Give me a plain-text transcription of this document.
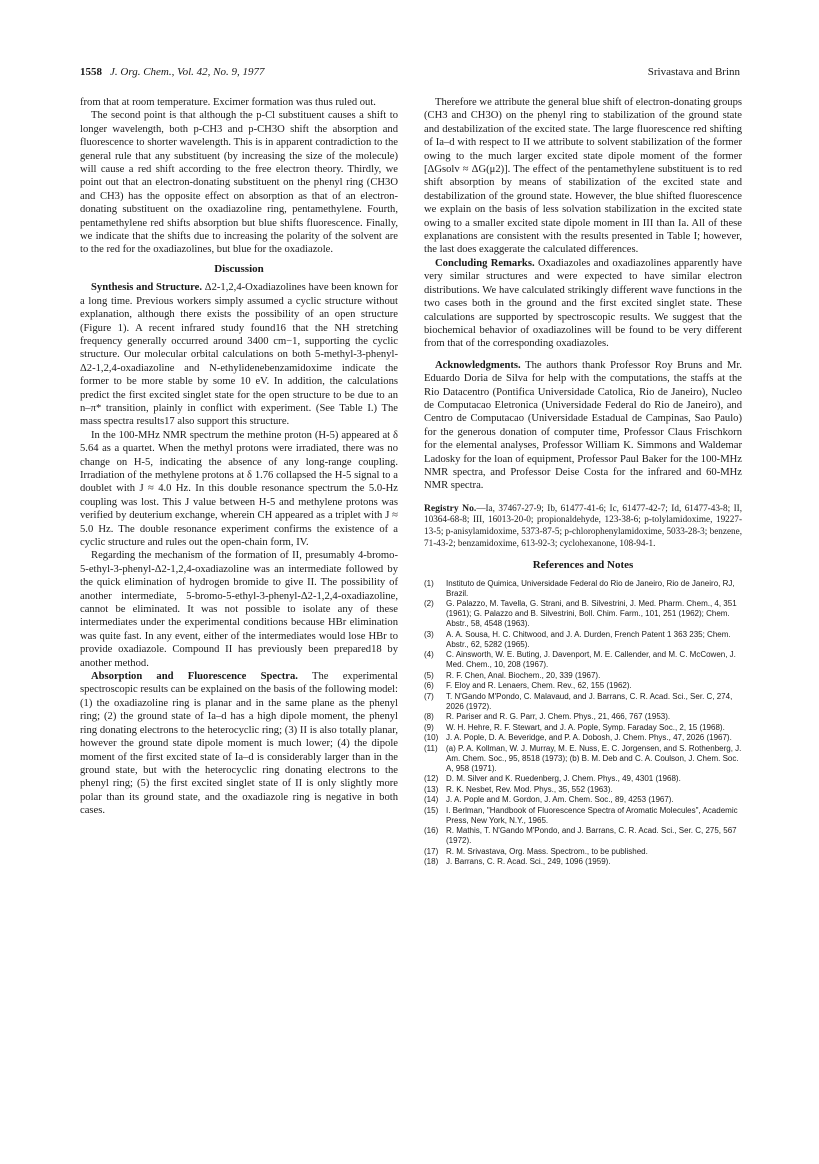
1558 J. Org. Chem., Vol. 42, No. 9, 1977	Srivastava and Brinn

from that at room temperature. Excimer formation was thus ruled out.

The second point is that although the p-Cl substituent causes a shift to longer wavelength, both p-CH3 and p-CH3O shift the absorption and fluorescence to shorter wavelength. This is in apparent contradiction to the general rule that any substituent (by increasing the size of the molecule) will cause a red shift according to the free electron theory. Thirdly, we point out that an electron-donating substituent on the phenyl ring (CH3O and CH3) has the opposite effect on absorption as that of an electron-donating substituent on the oxadiazoline ring, pentamethylene. Fourth, pentamethylene red shifts absorption but blue shifts fluorescence. Finally, we indicate that the shifts due to increasing the polarity of the solvent are to the red for the oxadiazolines, but blue for the oxadiazole.

Discussion

Synthesis and Structure. Δ2-1,2,4-Oxadiazolines have been known for a long time. Previous workers simply assumed a cyclic structure without explanation, although there exists the possibility of an open structure (Figure 1). A recent infrared study found16 that the NH stretching frequency generally occurred around 3400 cm−1, supporting the cyclic structure. Our molecular orbital calculations on both 5-methyl-3-phenyl-Δ2-1,2,4-oxadiazoline and N-ethylidenebenzamidoxime indicate the former to be more stable by some 10 eV. In addition, the calculations predict the first excited singlet state for the open structure to be due to an n–π* transition, plainly in conflict with experiment. (See Table I.) The mass spectra results17 also support this structure.

In the 100-MHz NMR spectrum the methine proton (H-5) appeared at δ 5.64 as a quartet. When the methyl protons were irradiated, there was no change on H-5, indicating the absence of any long-range coupling. Irradiation of the methylene protons at δ 1.76 collapsed the H-5 signal to a doublet with J ≈ 4.0 Hz. In this double resonance spectrum the 5.0-Hz coupling was lost. This J value between H-5 and methylene protons was verified by deuterium exchange, wherein CH appeared as a triplet with J ≈ 5.0 Hz. The double resonance experiment confirms the existence of a cyclic structure and rules out the open-chain form, IV.

Regarding the mechanism of the formation of II, presumably 4-bromo-5-ethyl-3-phenyl-Δ2-1,2,4-oxadiazoline was an intermediate followed by the quick elimination of hydrogen bromide to give II. The possibility of another intermediate, 5-bromo-5-ethyl-3-phenyl-Δ2-1,2,4-oxadiazoline, cannot be eliminated. It was not possible to isolate any of these intermediates under the experimental conditions because HBr elimination was quite fast. In any event, either of the intermediates would lose HBr to provide oxadiazole. Compound II has previously been prepared18 by another method.

Absorption and Fluorescence Spectra. The experimental spectroscopic results can be explained on the basis of the following model: (1) the oxadiazoline ring is planar and in the same plane as the phenyl ring; (2) the ground state of Ia–d has a high dipole moment, the phenyl ring donating electrons to the heterocyclic ring; (3) II is also totally planar, however the ground state dipole moment is much lower; (4) the dipole moment of the first excited state of Ia–d is considerably larger than in the ground state, but with the heterocyclic ring donating electrons to the phenyl ring; (5) the first excited singlet state of II is only slightly more polar than its ground state, and the oxadiazole ring is negative in both cases.

Therefore we attribute the general blue shift of electron-donating groups (CH3 and CH3O) on the phenyl ring to stabilization of the ground state and destabilization of the excited state. The large fluorescence red shifting of Ia–d with respect to II we attribute to solvent stabilization of the former owing to the much larger excited state dipole moment of the former [ΔGsolv ≈ ΔG(μ2)]. The effect of the pentamethylene substituent is to red shift absorption by means of stabilization of the excited state and destabilization of the ground state. However, the blue shifted fluorescence we explain on the basis of less solvation stabilization in the excited state owing to a smaller excited state dipole moment in III than Ia. All of these explanations are consistent with the results presented in Table I; however, the last does exaggerate the calculated differences.

Concluding Remarks. Oxadiazoles and oxadiazolines apparently have very similar structures and were expected to have similar electron distributions. We have calculated strikingly different wave functions in the two cases both in the ground and the first excited singlet state. These calculations are supported by spectroscopic results. We suggest that the biochemical behavior of oxadiazolines will be found to be very different from that of the corresponding oxadiazoles.

Acknowledgments. The authors thank Professor Roy Bruns and Mr. Eduardo Doria de Silva for help with the computations, the staffs at the Rio Datacentro (Pontifica Universidade Catolica, Rio de Janeiro), Nucleo de Computacao Eletronica (Universidade Federal do Rio de Janeiro), and Centro de Computacao (Universidade Estadual de Campinas, Sao Paulo) for the generous donation of computer time, Professor Claus Frischkorn for the elemental analyses, Professor William K. Simmons and Waldemar Ladosky for the loan of equipment, Professor Paul Baker for the 100-MHz NMR spectra, and Professor Deise Costa for the infrared and 60-MHz NMR spectra.

Registry No.—Ia, 37467-27-9; Ib, 61477-41-6; Ic, 61477-42-7; Id, 61477-43-8; II, 10364-68-8; III, 16013-20-0; propionaldehyde, 123-38-6; p-tolylamidoxime, 19227-13-5; p-anisylamidoxime, 5373-87-5; p-chlorophenylamidoxime, 5033-28-3; benzene, 71-43-2; benzamidoxime, 613-92-3; cyclohexanone, 108-94-1.
References and Notes
(1) Instituto de Quimica, Universidade Federal do Rio de Janeiro, Rio de Janeiro, RJ, Brazil.
(2) G. Palazzo, M. Tavella, G. Strani, and B. Silvestrini, J. Med. Pharm. Chem., 4, 351 (1961); G. Palazzo and B. Silvestrini, Boll. Chim. Farm., 101, 251 (1962); Chem. Abstr., 58, 4548 (1963).
(3) A. A. Sousa, H. C. Chitwood, and J. A. Durden, French Patent 1 363 235; Chem. Abstr., 62, 5282 (1965).
(4) C. Ainsworth, W. E. Buting, J. Davenport, M. E. Callender, and M. C. McCowen, J. Med. Chem., 10, 208 (1967).
(5) R. F. Chen, Anal. Biochem., 20, 339 (1967).
(6) F. Eloy and R. Lenaers, Chem. Rev., 62, 155 (1962).
(7) T. N'Gando M'Pondo, C. Malavaud, and J. Barrans, C. R. Acad. Sci., Ser. C, 274, 2026 (1972).
(8) R. Pariser and R. G. Parr, J. Chem. Phys., 21, 466, 767 (1953).
(9) W. H. Hehre, R. F. Stewart, and J. A. Pople, Symp. Faraday Soc., 2, 15 (1968).
(10) J. A. Pople, D. A. Beveridge, and P. A. Dobosh, J. Chem. Phys., 47, 2026 (1967).
(11) (a) P. A. Kollman, W. J. Murray, M. E. Nuss, E. C. Jorgensen, and S. Rothenberg, J. Am. Chem. Soc., 95, 8518 (1973); (b) B. M. Deb and C. A. Coulson, J. Chem. Soc. A, 958 (1971).
(12) D. M. Silver and K. Ruedenberg, J. Chem. Phys., 49, 4301 (1968).
(13) R. K. Nesbet, Rev. Mod. Phys., 35, 552 (1963).
(14) J. A. Pople and M. Gordon, J. Am. Chem. Soc., 89, 4253 (1967).
(15) I. Berlman, "Handbook of Fluorescence Spectra of Aromatic Molecules", Academic Press, New York, N.Y., 1965.
(16) R. Mathis, T. N'Gando M'Pondo, and J. Barrans, C. R. Acad. Sci., Ser. C, 275, 567 (1972).
(17) R. M. Srivastava, Org. Mass. Spectrom., to be published.
(18) J. Barrans, C. R. Acad. Sci., 249, 1096 (1959).
